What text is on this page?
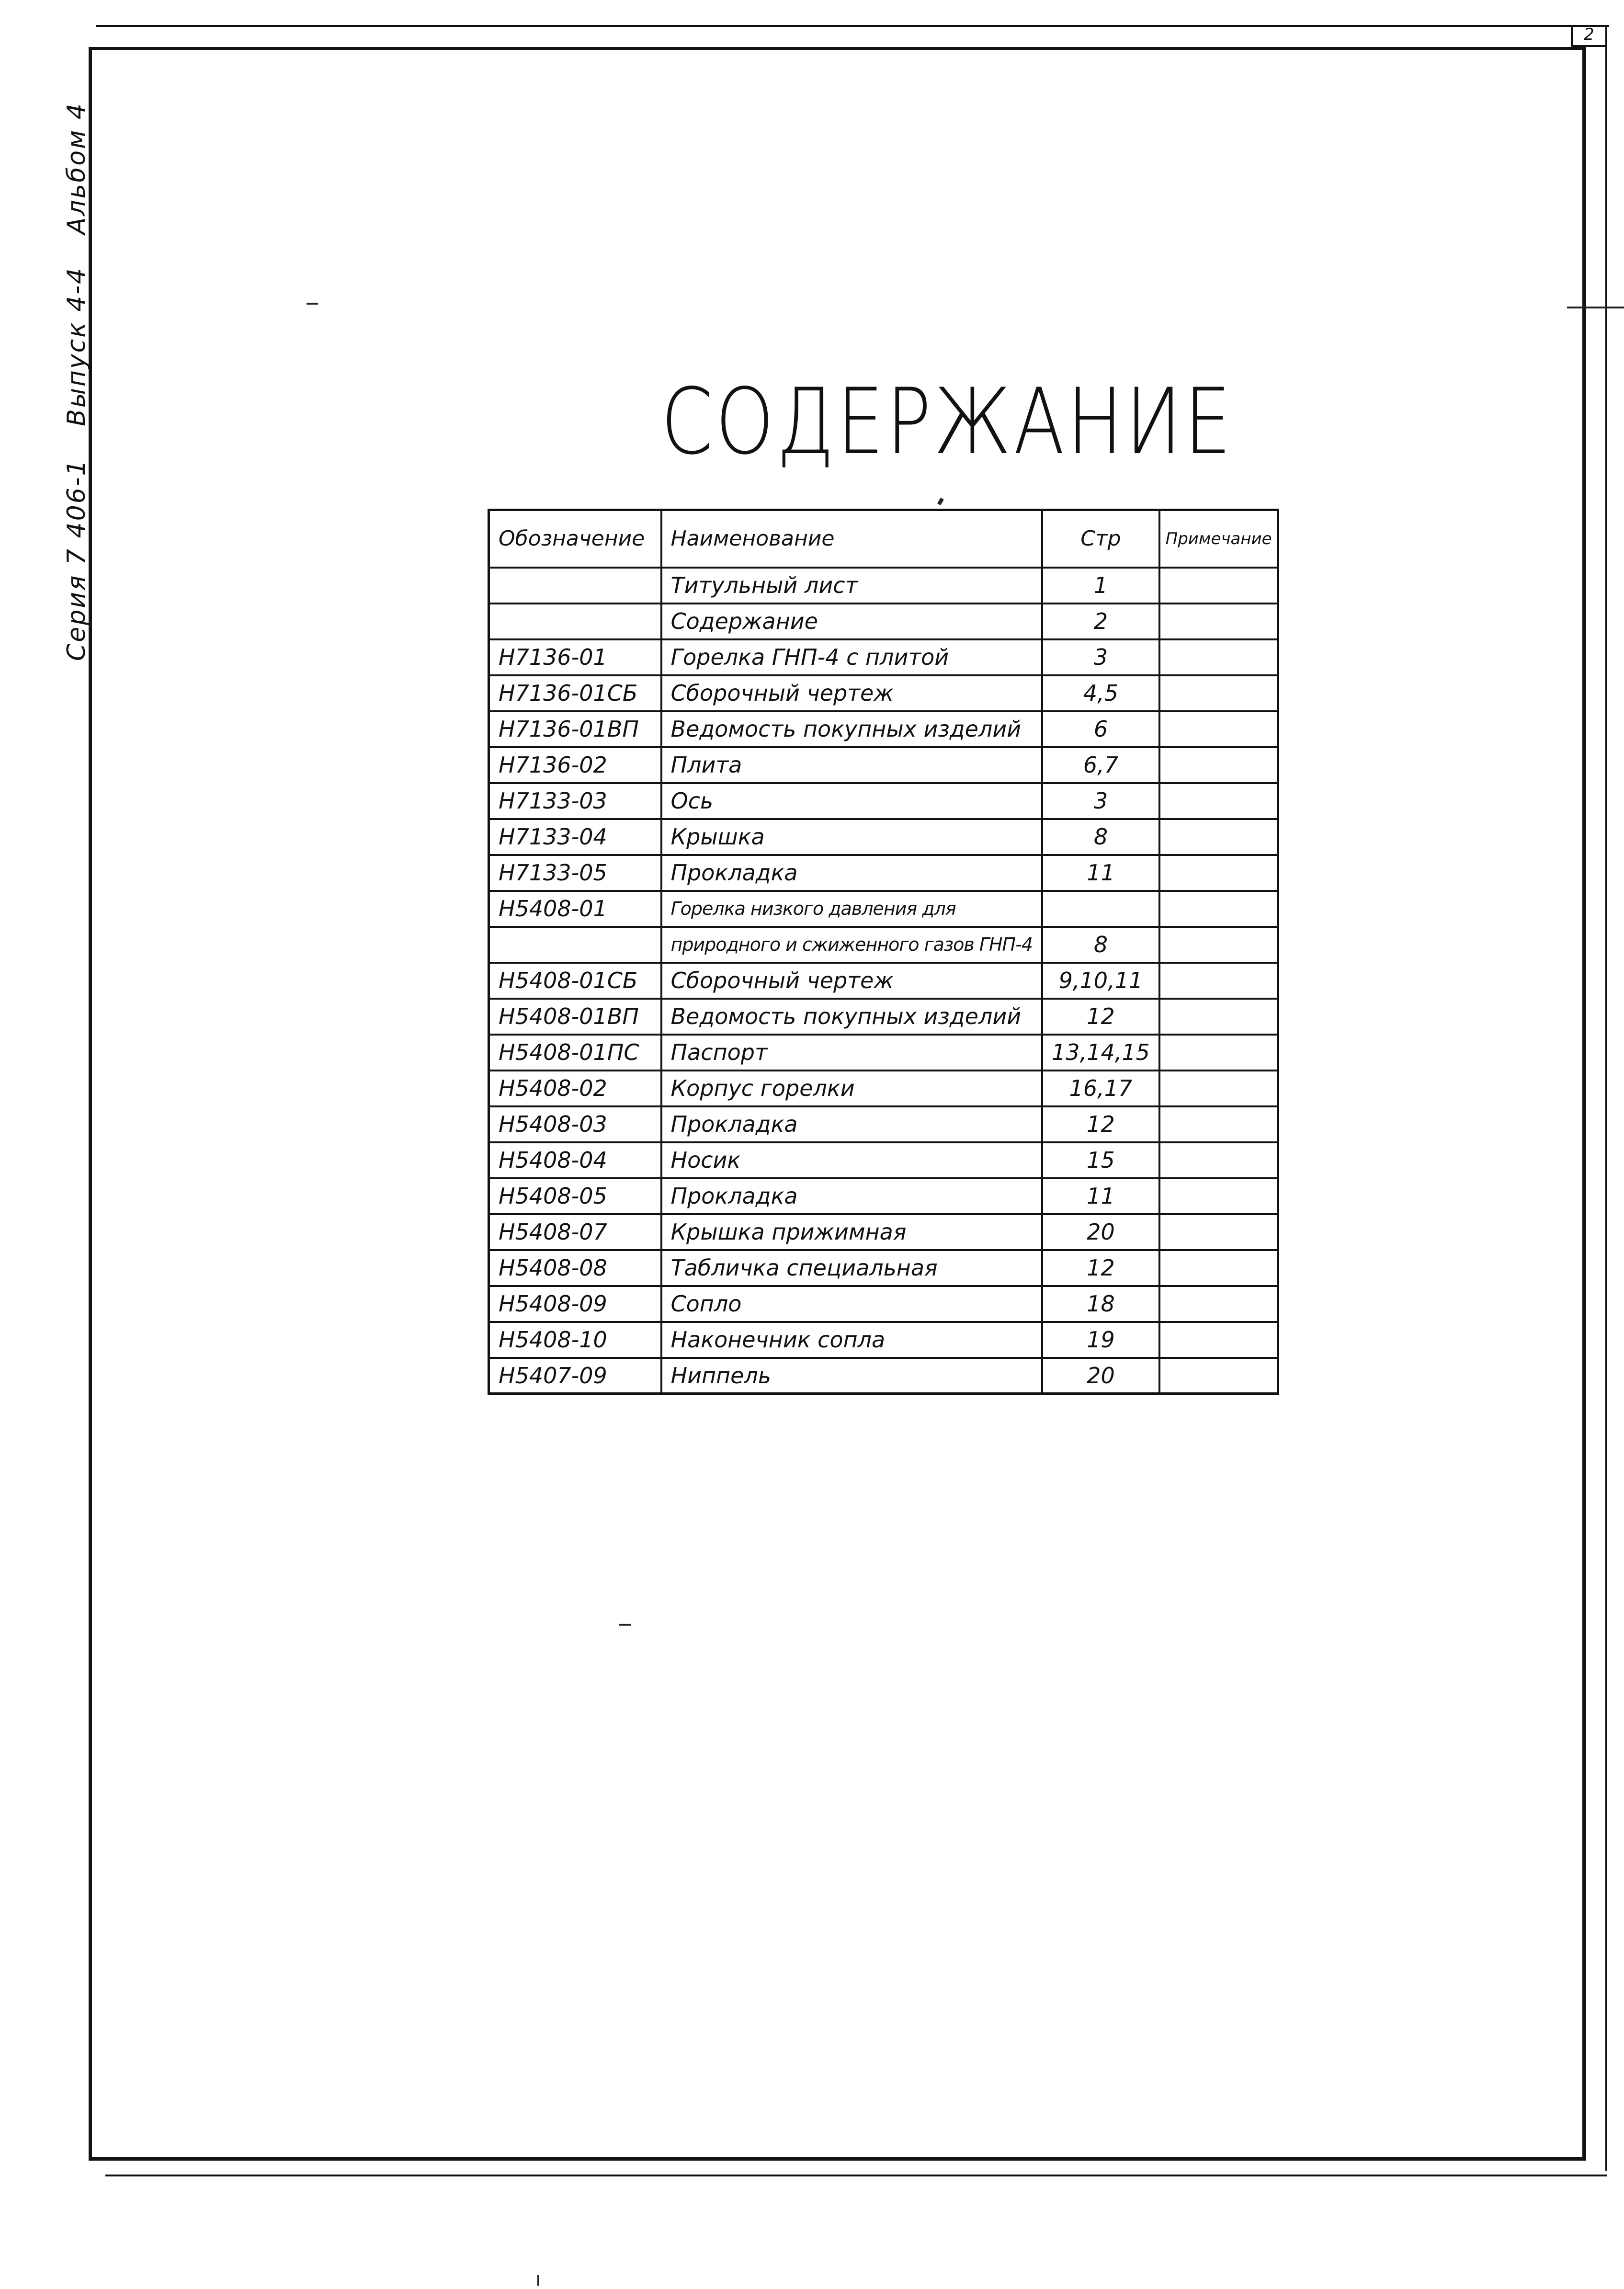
2
Серия 7 406-1 Выпуск 4-4 Альбом 4
СОДЕРЖАНИЕ
Обозначение	Наименование	Стр	Примечание
	Титульный лист	1	
	Содержание	2	
Н7136-01	Горелка ГНП-4 с плитой	3	
Н7136-01СБ	Сборочный чертеж	4,5	
Н7136-01ВП	Ведомость покупных изделий	6	
Н7136-02	Плита	6,7	
Н7133-03	Ось	3	
Н7133-04	Крышка	8	
Н7133-05	Прокладка	11	
Н5408-01	Горелка низкого давления для		
	природного и сжиженного газов ГНП-4	8	
Н5408-01СБ	Сборочный чертеж	9,10,11	
Н5408-01ВП	Ведомость покупных изделий	12	
Н5408-01ПС	Паспорт	13,14,15	
Н5408-02	Корпус горелки	16,17	
Н5408-03	Прокладка	12	
Н5408-04	Носик	15	
Н5408-05	Прокладка	11	
Н5408-07	Крышка прижимная	20	
Н5408-08	Табличка специальная	12	
Н5408-09	Сопло	18	
Н5408-10	Наконечник сопла	19	
Н5407-09	Ниппель	20	
